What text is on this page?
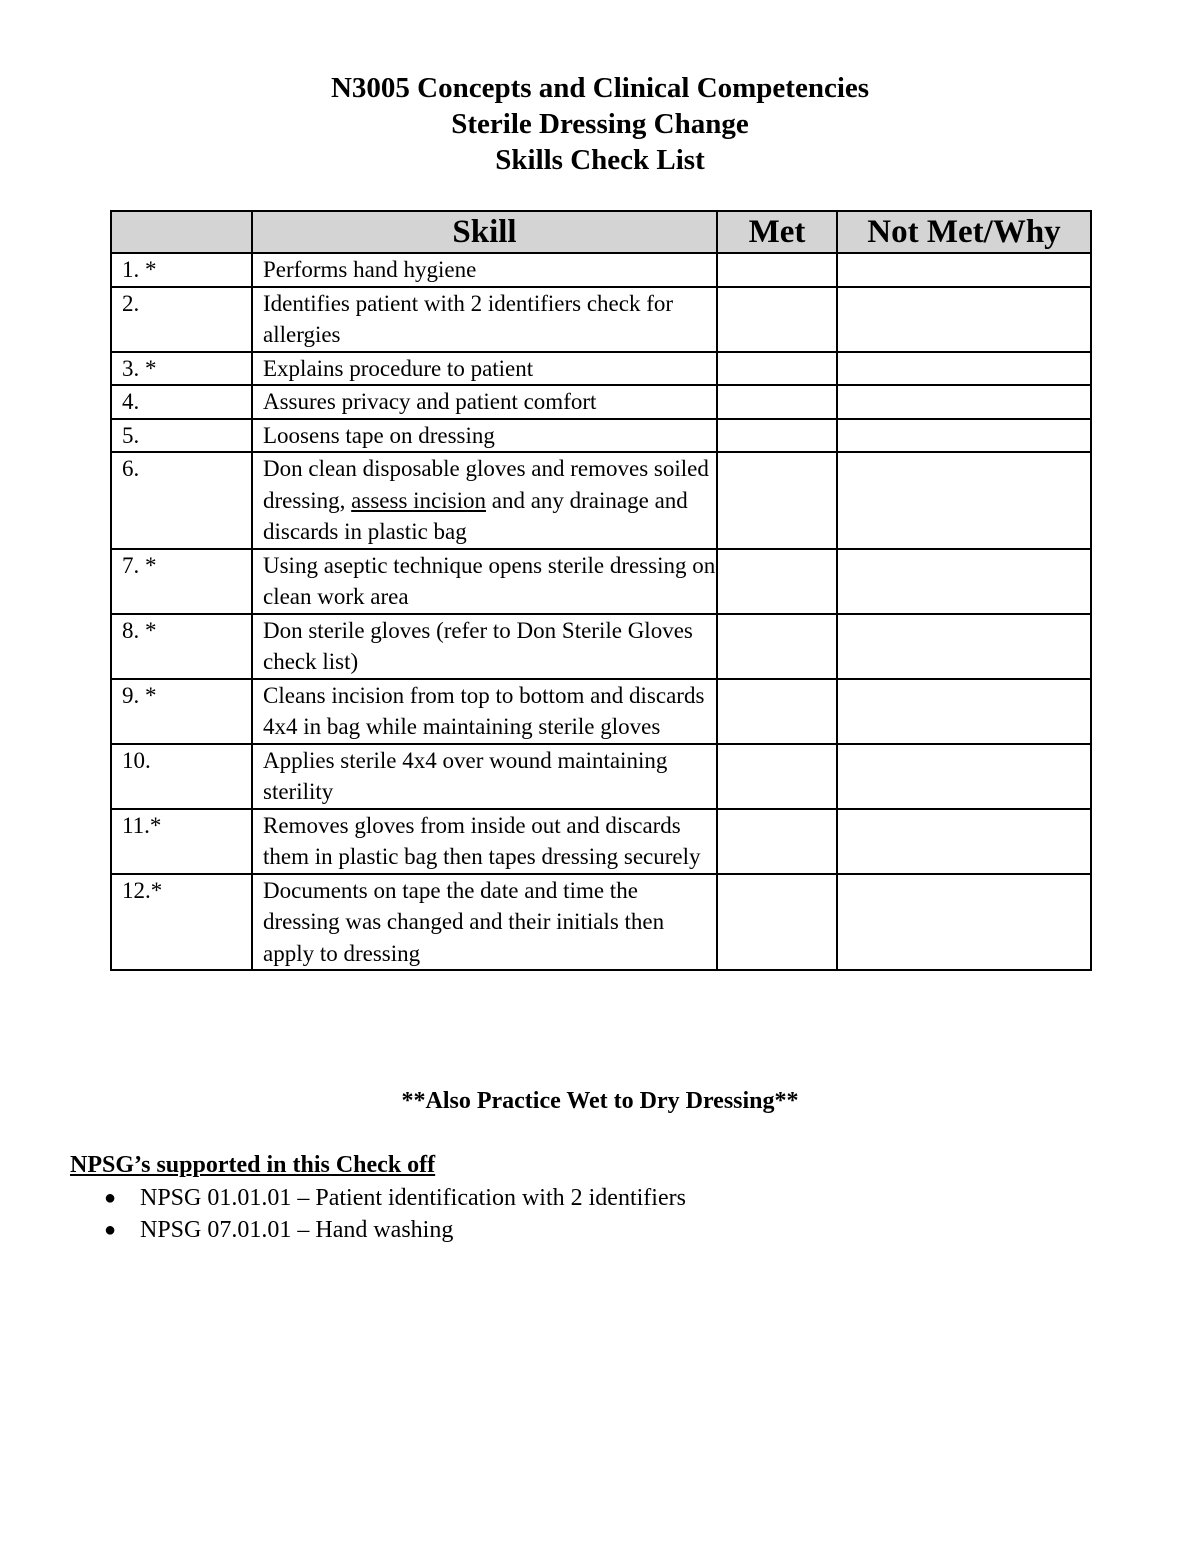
N3005 Concepts and Clinical Competencies
Sterile Dressing Change
Skills Check List
	Skill	Met	Not Met/Why
1. *	Performs hand hygiene		
2.	Identifies patient with 2 identifiers check for allergies		
3. *	Explains procedure to patient		
4.	Assures privacy and patient comfort		
5.	Loosens tape on dressing		
6.	Don clean disposable gloves and removes soiled dressing, assess incision and any drainage and discards in plastic bag		
7. *	Using aseptic technique opens sterile dressing on clean work area		
8. *	Don sterile gloves (refer to Don Sterile Gloves check list)		
9. *	Cleans incision from top to bottom and discards 4x4 in bag while maintaining sterile gloves		
10.	Applies sterile 4x4 over wound maintaining sterility		
11.*	Removes gloves from inside out and discards them in plastic bag then tapes dressing securely		
12.*	Documents on tape the date and time the dressing was changed and their initials then apply to dressing		
**Also Practice Wet to Dry Dressing**
NPSG’s supported in this Check off
● NPSG 01.01.01 – Patient identification with 2 identifiers
● NPSG 07.01.01 – Hand washing
